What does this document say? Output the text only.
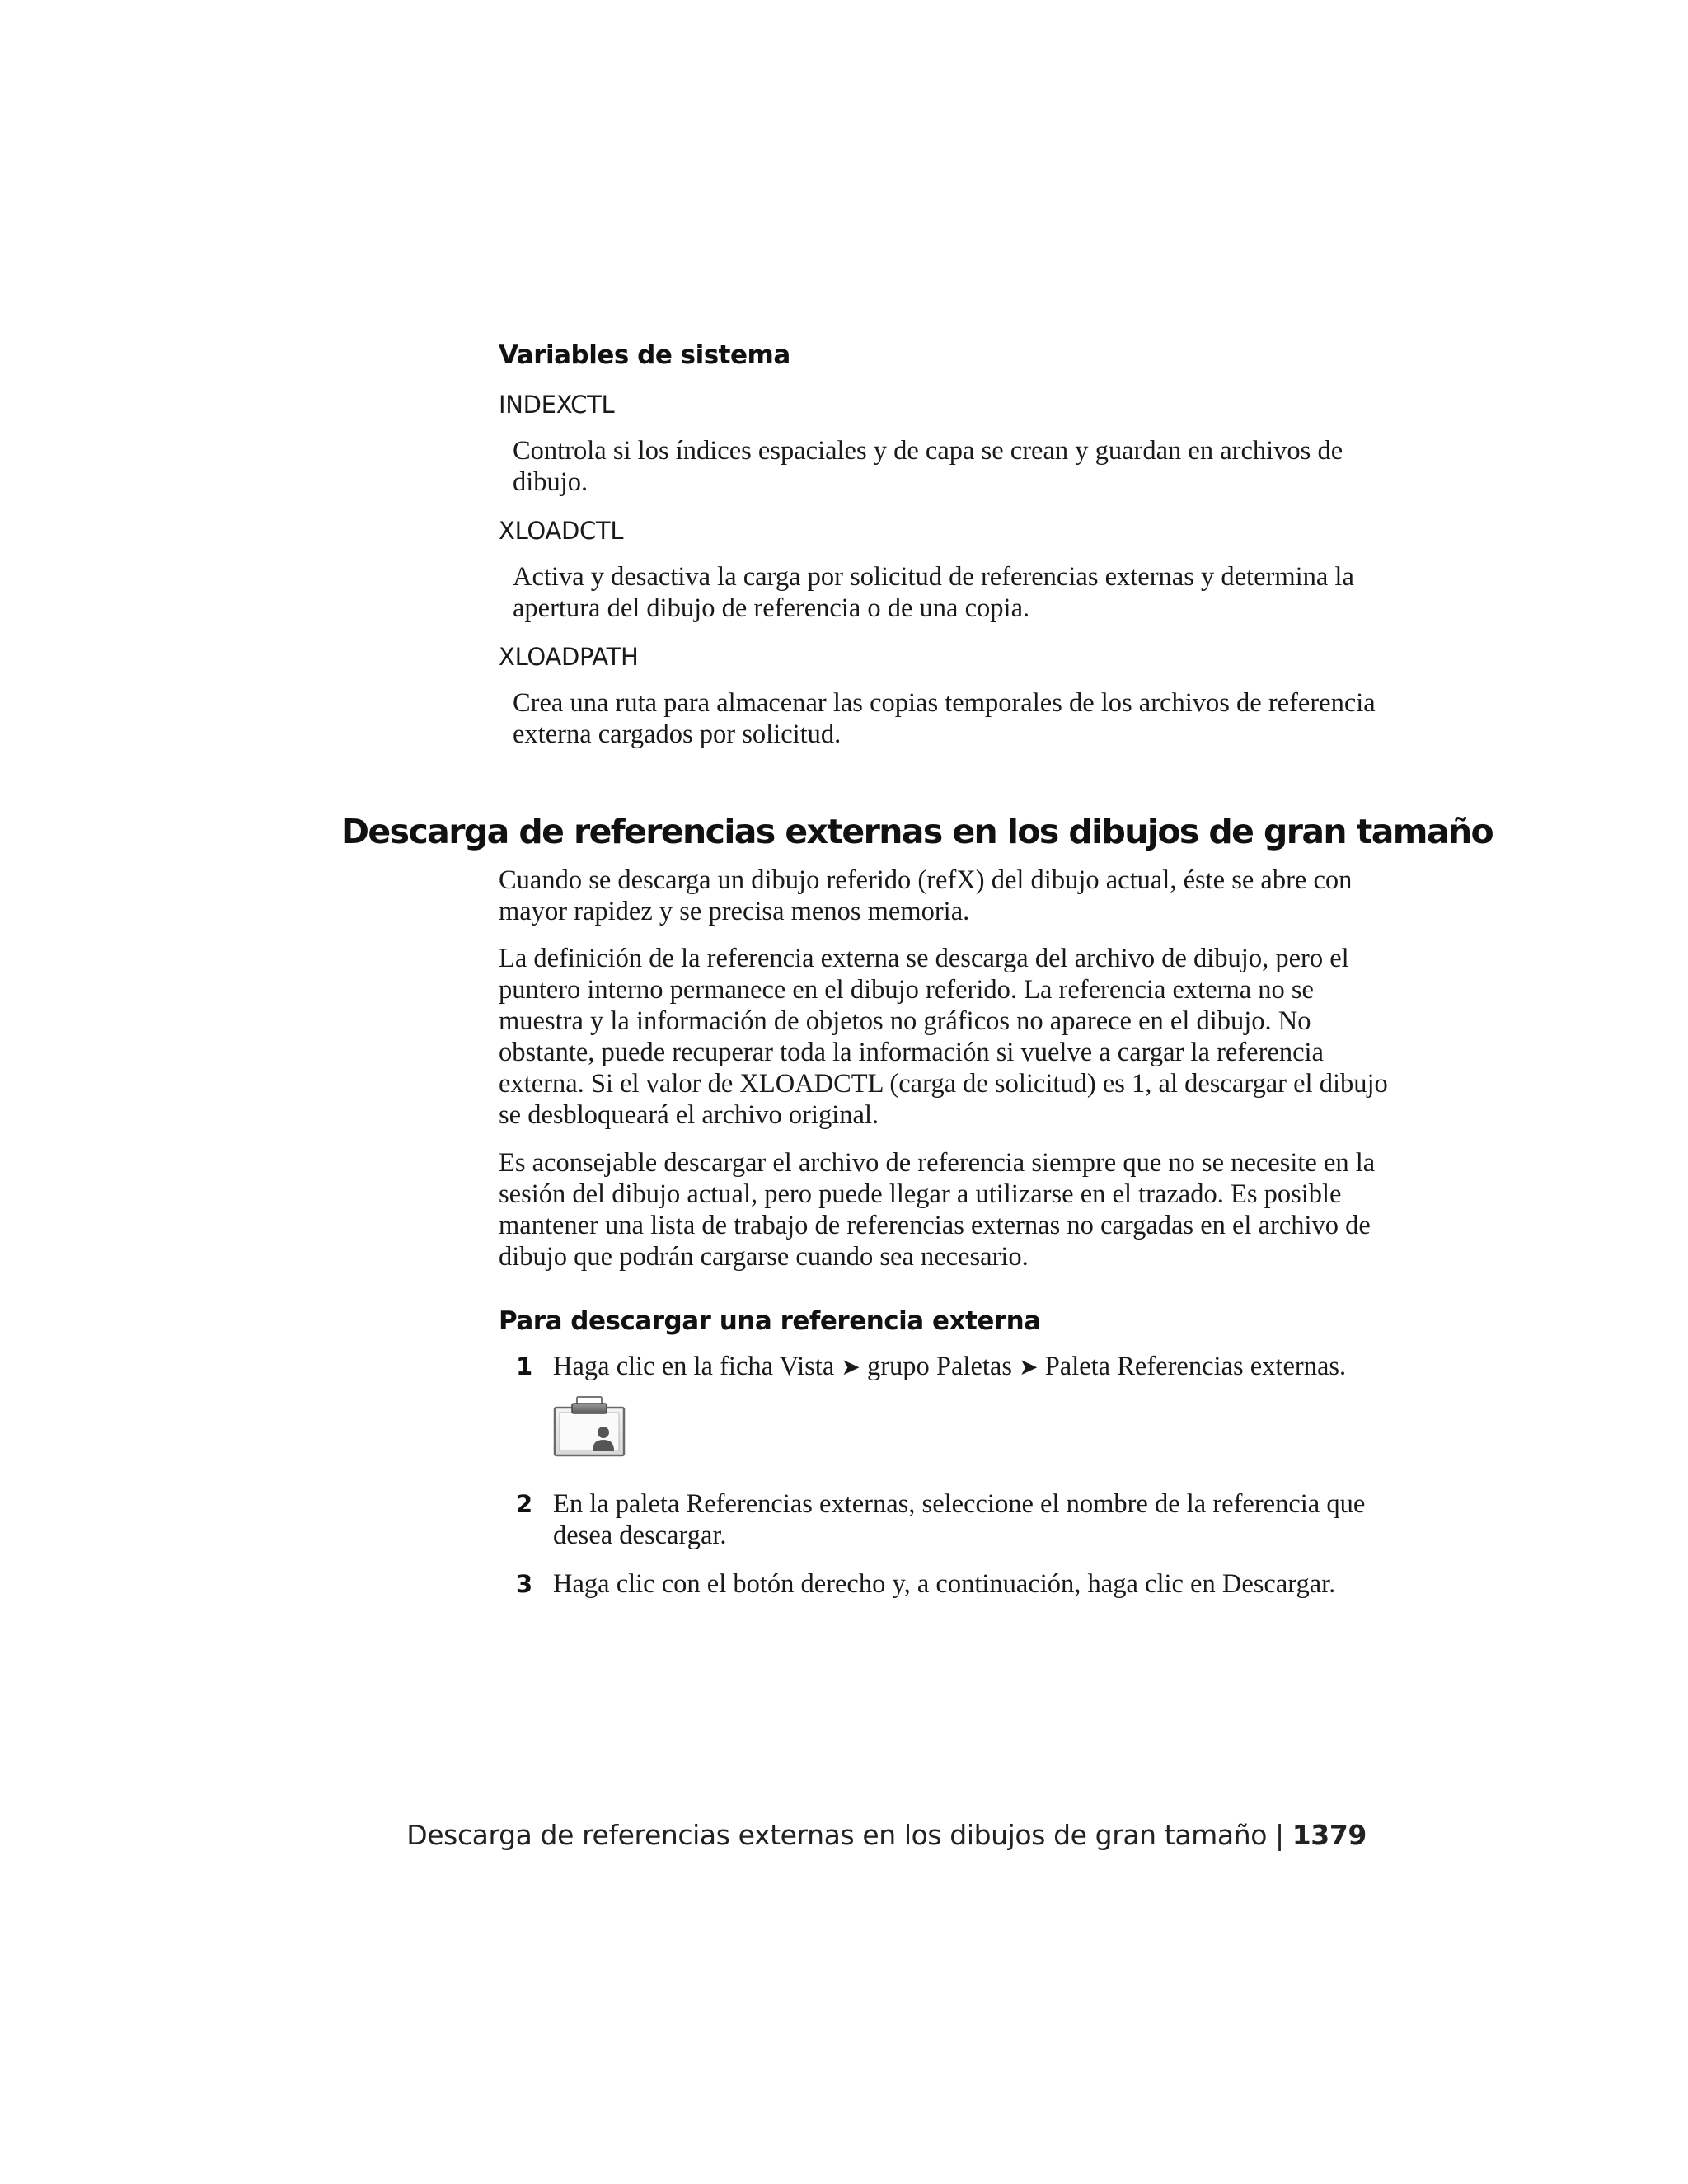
Variables de sistema
INDEXCTL

Controla si los índices espaciales y de capa se crean y guardan en archivos de dibujo.

XLOADCTL

Activa y desactiva la carga por solicitud de referencias externas y determina la apertura del dibujo de referencia o de una copia.

XLOADPATH

Crea una ruta para almacenar las copias temporales de los archivos de referencia externa cargados por solicitud.

Descarga de referencias externas en los dibujos de gran tamaño

Cuando se descarga un dibujo referido (refX) del dibujo actual, éste se abre con mayor rapidez y se precisa menos memoria.

La definición de la referencia externa se descarga del archivo de dibujo, pero el puntero interno permanece en el dibujo referido. La referencia externa no se muestra y la información de objetos no gráficos no aparece en el dibujo. No obstante, puede recuperar toda la información si vuelve a cargar la referencia externa. Si el valor de XLOADCTL (carga de solicitud) es 1, al descargar el dibujo se desbloqueará el archivo original.

Es aconsejable descargar el archivo de referencia siempre que no se necesite en la sesión del dibujo actual, pero puede llegar a utilizarse en el trazado. Es posible mantener una lista de trabajo de referencias externas no cargadas en el archivo de dibujo que podrán cargarse cuando sea necesario.

Para descargar una referencia externa
1 Haga clic en la ficha Vista ➤ grupo Paletas ➤ Paleta Referencias externas.

2 En la paleta Referencias externas, seleccione el nombre de la referencia que desea descargar.

3 Haga clic con el botón derecho y, a continuación, haga clic en Descargar.

Descarga de referencias externas en los dibujos de gran tamaño | 1379
